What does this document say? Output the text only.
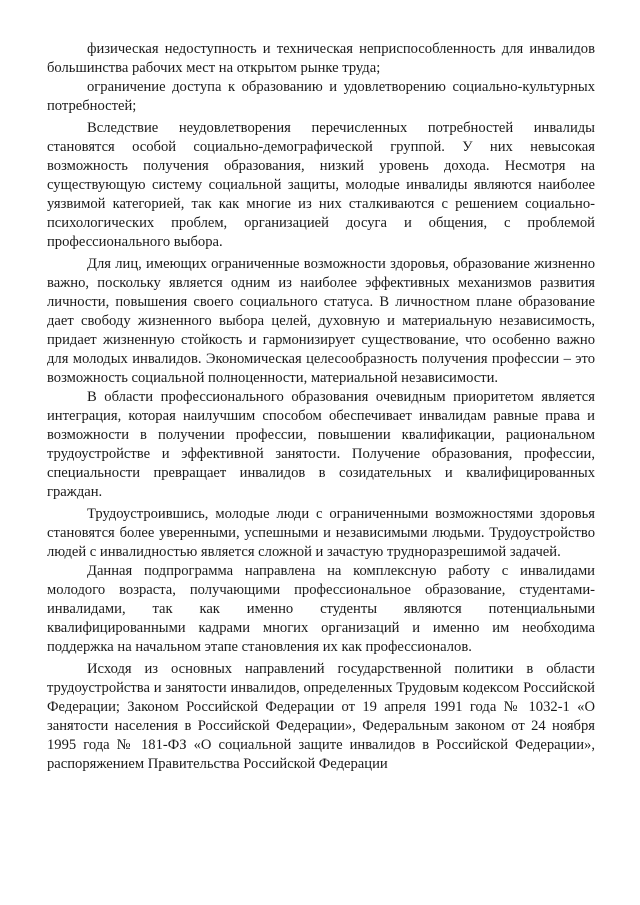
физическая недоступность и техническая неприспособленность для инвалидов большинства рабочих мест на открытом рынке труда;

ограничение доступа к образованию и удовлетворению социально-культурных потребностей;

Вследствие неудовлетворения перечисленных потребностей инвалиды становятся особой социально-демографической группой. У них невысокая возможность получения образования, низкий уровень дохода. Несмотря на существующую систему социальной защиты, молодые инвалиды являются наиболее уязвимой категорией, так как многие из них сталкиваются с решением социально-психологических проблем, организацией досуга и общения, с проблемой профессионального выбора.

Для лиц, имеющих ограниченные возможности здоровья, образование жизненно важно, поскольку является одним из наиболее эффективных механизмов развития личности, повышения своего социального статуса. В личностном плане образование дает свободу жизненного выбора целей, духовную и материальную независимость, придает жизненную стойкость и гармонизирует существование, что особенно важно для молодых инвалидов. Экономическая целесообразность получения профессии – это возможность социальной полноценности, материальной независимости.

В области профессионального образования очевидным приоритетом является интеграция, которая наилучшим способом обеспечивает инвалидам равные права и возможности в получении профессии, повышении квалификации, рациональном трудоустройстве и эффективной занятости. Получение образования, профессии, специальности превращает инвалидов в созидательных и квалифицированных граждан.

Трудоустроившись, молодые люди с ограниченными возможностями здоровья становятся более уверенными, успешными и независимыми людьми. Трудоустройство людей с инвалидностью является сложной и зачастую трудноразрешимой задачей.

Данная подпрограмма направлена на комплексную работу с инвалидами молодого возраста, получающими профессиональное образование, студентами-инвалидами, так как именно студенты являются потенциальными квалифицированными кадрами многих организаций и именно им необходима поддержка на начальном этапе становления их как профессионалов.

Исходя из основных направлений государственной политики в области трудоустройства и занятости инвалидов, определенных Трудовым кодексом Российской Федерации; Законом Российской Федерации от 19 апреля 1991 года № 1032-1 «О занятости населения в Российской Федерации», Федеральным законом от 24 ноября 1995 года № 181-ФЗ «О социальной защите инвалидов в Российской Федерации», распоряжением Правительства Российской Федерации
